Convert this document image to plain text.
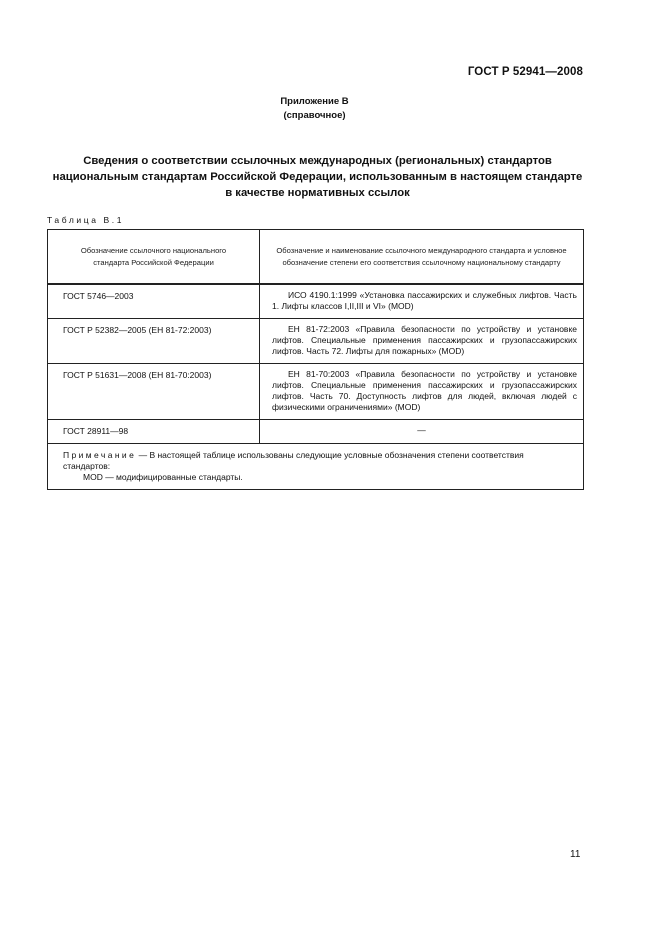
ГОСТ Р 52941—2008
Приложение В
(справочное)
Сведения о соответствии ссылочных международных (региональных) стандартов
национальным стандартам Российской Федерации, использованным в настоящем стандарте
в качестве нормативных ссылок
Таблица В.1
Обозначение ссылочного национального стандарта Российской Федерации	Обозначение и наименование ссылочного международного стандарта и условное обозначение степени его соответствия ссылочному национальному стандарту
ГОСТ 5746—2003	ИСО 4190.1:1999 «Установка пассажирских и служебных лифтов. Часть 1. Лифты классов I,II,III и VI» (MOD)
ГОСТ Р 52382—2005 (ЕН 81-72:2003)	ЕН 81-72:2003 «Правила безопасности по устройству и установке лифтов. Специальные применения пассажирских и грузопассажирских лифтов. Часть 72. Лифты для пожарных» (MOD)
ГОСТ Р 51631—2008 (ЕН 81-70:2003)	ЕН 81-70:2003 «Правила безопасности по устройству и установке лифтов. Специальные применения пассажирских и грузопассажирских лифтов. Часть 70. Доступность лифтов для людей, включая людей с физическими ограничениями» (MOD)
ГОСТ 28911—98	—

Примечание — В настоящей таблице использованы следующие условные обозначения степени соответствия стандартов:
MOD — модифицированные стандарты.	
11
